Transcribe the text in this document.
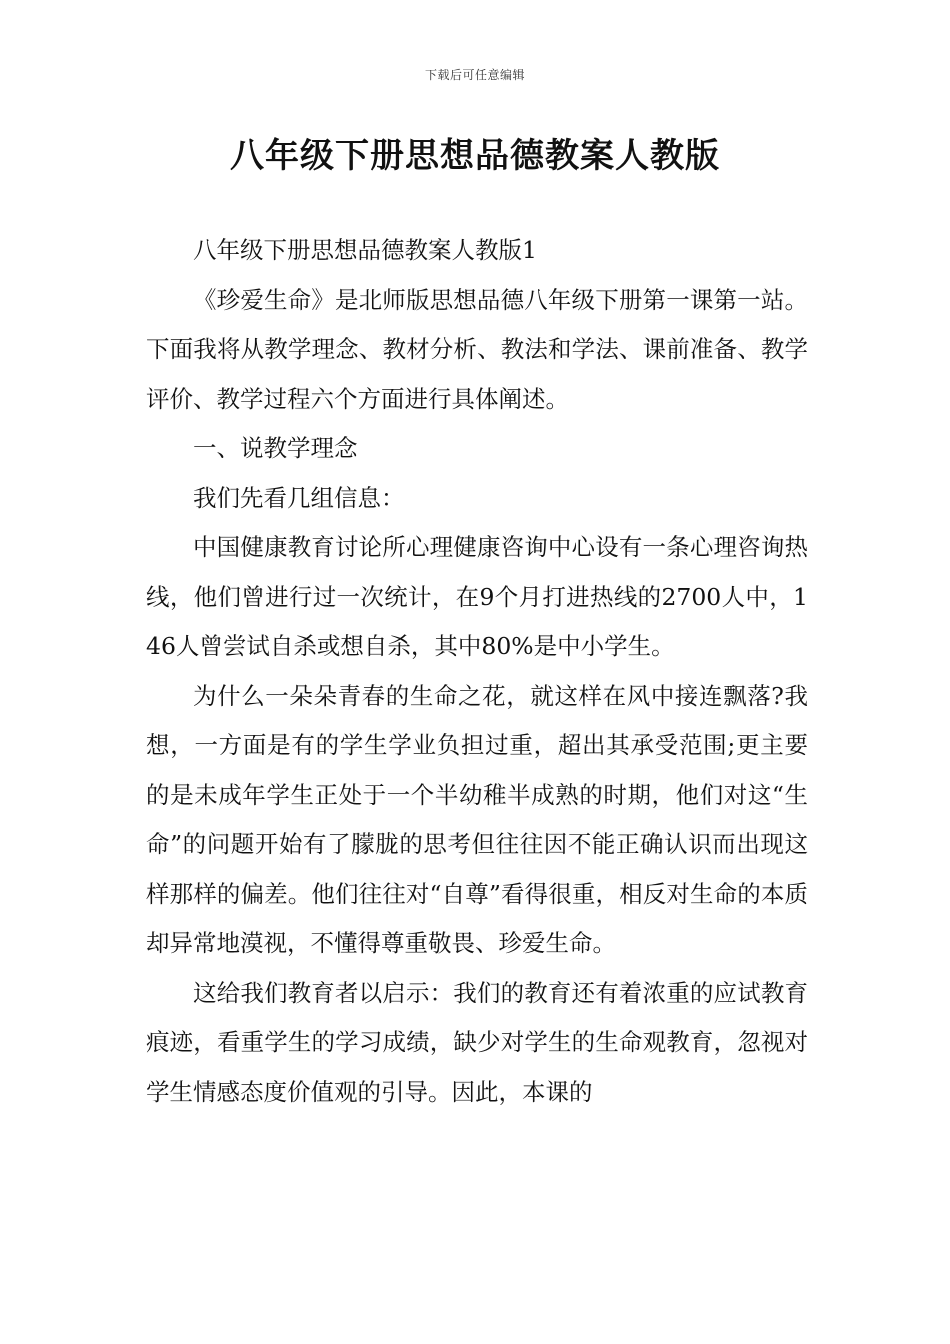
下载后可任意编辑
八年级下册思想品德教案人教版

八年级下册思想品德教案人教版1

《珍爱生命》是北师版思想品德八年级下册第一课第一站。下面我将从教学理念、教材分析、教法和学法、课前准备、教学评价、教学过程六个方面进行具体阐述。

一、说教学理念

我们先看几组信息：

中国健康教育讨论所心理健康咨询中心设有一条心理咨询热线，他们曾进行过一次统计，在9个月打进热线的2700人中，146人曾尝试自杀或想自杀，其中80%是中小学生。

为什么一朵朵青春的生命之花，就这样在风中接连飘落?我想，一方面是有的学生学业负担过重，超出其承受范围;更主要的是未成年学生正处于一个半幼稚半成熟的时期，他们对这“生命”的问题开始有了朦胧的思考但往往因不能正确认识而出现这样那样的偏差。他们往往对“自尊”看得很重，相反对生命的本质却异常地漠视，不懂得尊重敬畏、珍爱生命。

这给我们教育者以启示：我们的教育还有着浓重的应试教育痕迹，看重学生的学习成绩，缺少对学生的生命观教育，忽视对学生情感态度价值观的引导。因此，本课的
